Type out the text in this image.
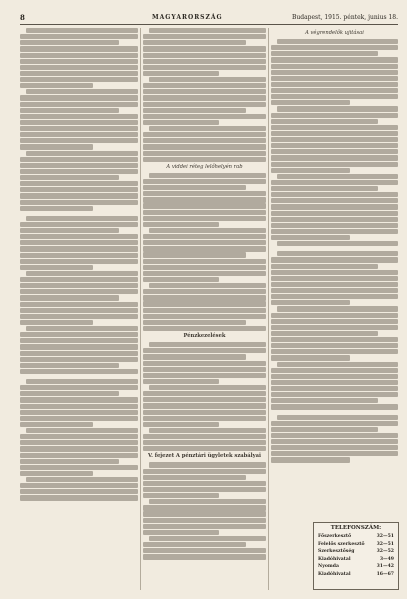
8	MAGYARORSZÁG	Budapest, 1915. péntek, junius 18.
A viddei réteg lelőhelyén rab
Pénzkezelések
V. fejezet A pénztári ügyletek szabályai
A végrendelők ujitásai
TELEFONSZÁM:
Főszerkesztő	32—51
Felelős szerkesztő	32—51
Szerkesztőség	32—52
Kiadóhivatal	3—49
Nyomda	31—42
Kiadóhivatal	16—67
